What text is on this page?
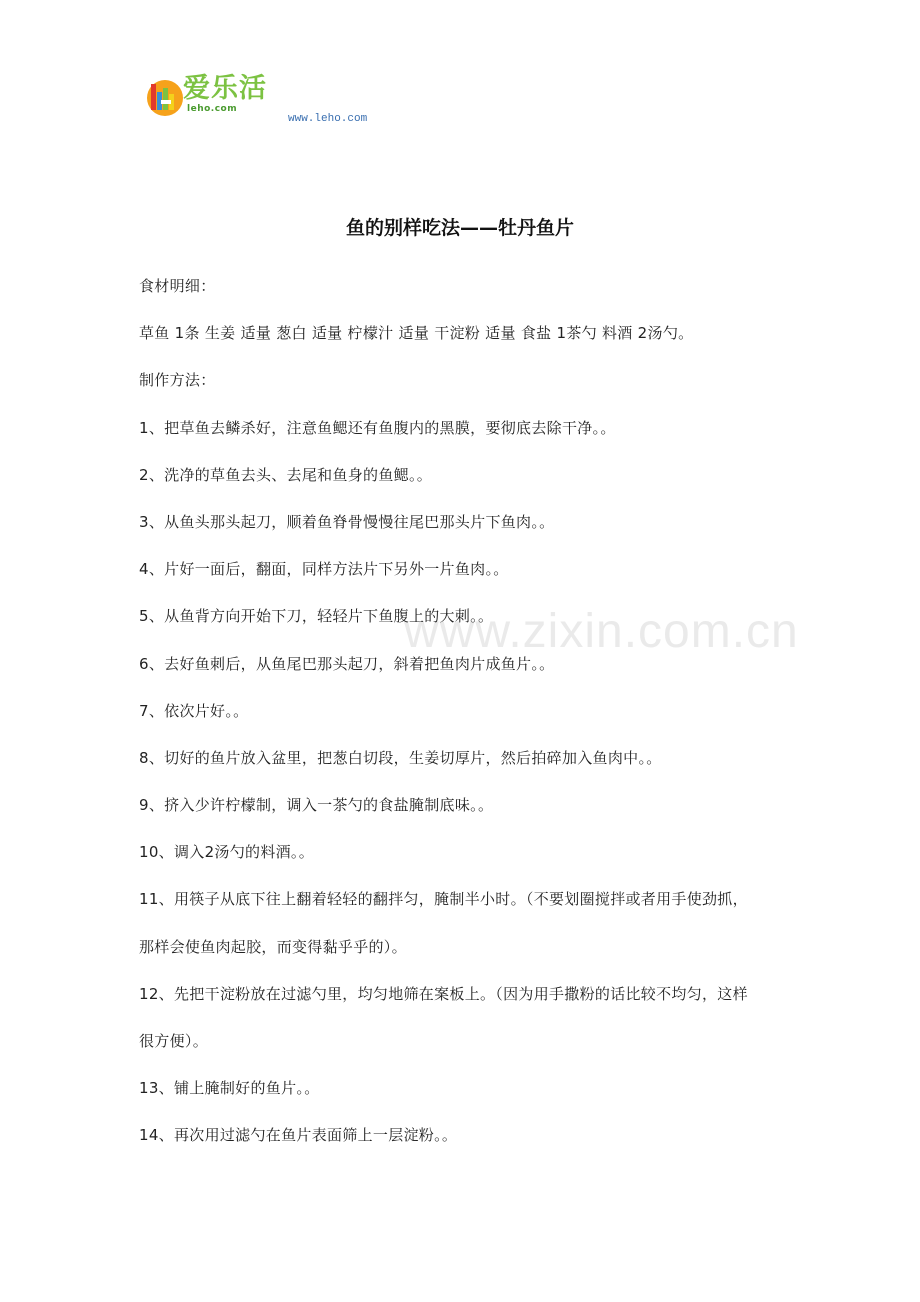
爱乐活
leho.com
www.leho.com
鱼的别样吃法——牡丹鱼片

食材明细：

草鱼 1条 生姜 适量 葱白 适量 柠檬汁 适量 干淀粉 适量 食盐 1茶勺 料酒 2汤勺。

制作方法：

1、把草鱼去鳞杀好，注意鱼鳃还有鱼腹内的黑膜，要彻底去除干净。。

2、洗净的草鱼去头、去尾和鱼身的鱼鳃。。

3、从鱼头那头起刀，顺着鱼脊骨慢慢往尾巴那头片下鱼肉。。

4、片好一面后，翻面，同样方法片下另外一片鱼肉。。

5、从鱼背方向开始下刀，轻轻片下鱼腹上的大刺。。

6、去好鱼刺后，从鱼尾巴那头起刀，斜着把鱼肉片成鱼片。。

7、依次片好。。

8、切好的鱼片放入盆里，把葱白切段，生姜切厚片，然后拍碎加入鱼肉中。。

9、挤入少许柠檬制，调入一茶勺的食盐腌制底味。。

10、调入2汤勺的料酒。。

11、用筷子从底下往上翻着轻轻的翻拌匀，腌制半小时。（不要划圈搅拌或者用手使劲抓，

那样会使鱼肉起胶，而变得黏乎乎的）。

12、先把干淀粉放在过滤勺里，均匀地筛在案板上。（因为用手撒粉的话比较不均匀，这样

很方便）。

13、铺上腌制好的鱼片。。

14、再次用过滤勺在鱼片表面筛上一层淀粉。。

www.zixin.com.cn
